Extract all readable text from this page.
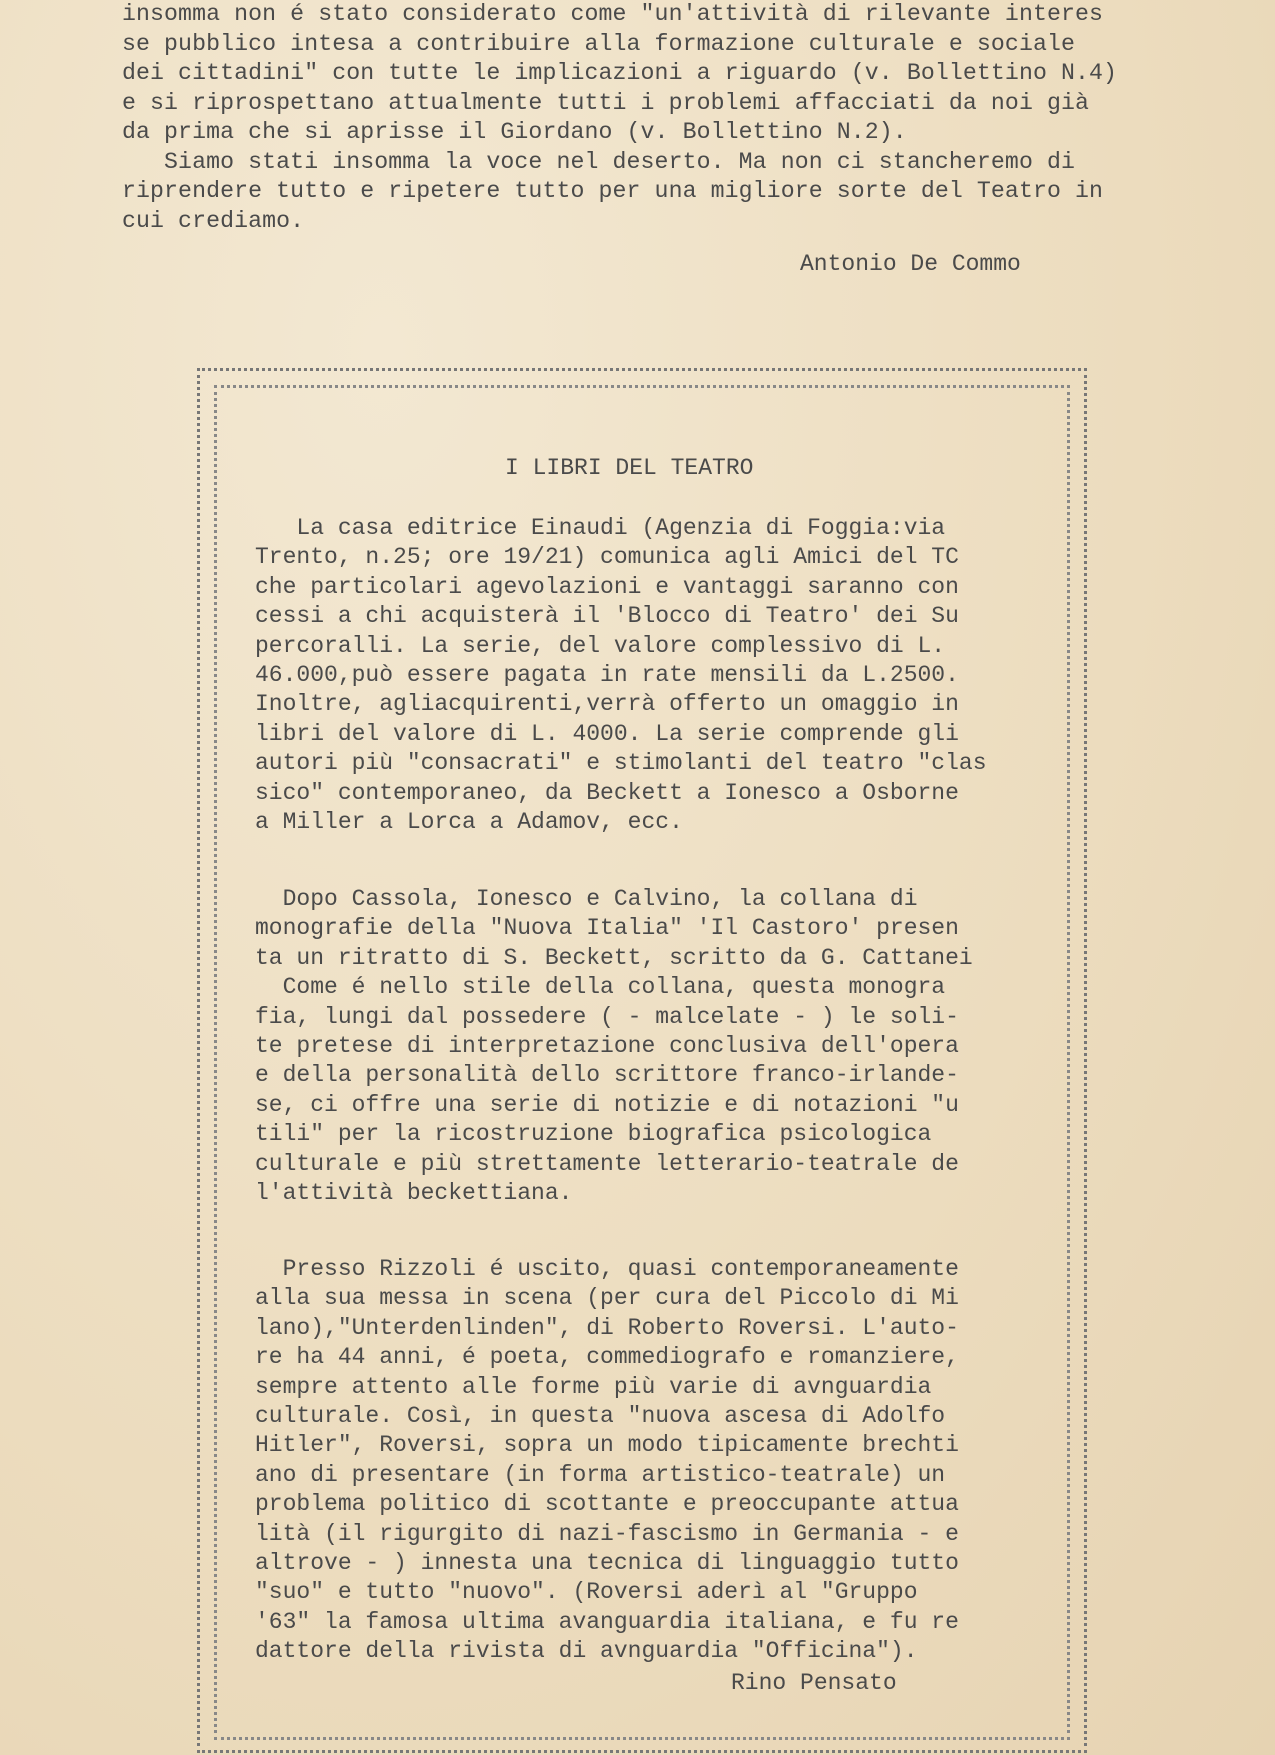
insomma non é stato considerato come "un'attività di rilevante interes
se pubblico intesa a contribuire alla formazione culturale e sociale
dei cittadini" con tutte le implicazioni a riguardo (v. Bollettino N.4)
e si riprospettano attualmente tutti i problemi affacciati da noi già
da prima che si aprisse il Giordano (v. Bollettino N.2).
Siamo stati insomma la voce nel deserto. Ma non ci stancheremo di
riprendere tutto e ripetere tutto per una migliore sorte del Teatro in
cui crediamo.
Antonio De Commo
I LIBRI DEL TEATRO
La casa editrice Einaudi (Agenzia di Foggia:via
Trento, n.25; ore 19/21) comunica agli Amici del TC
che particolari agevolazioni e vantaggi saranno con
cessi a chi acquisterà il 'Blocco di Teatro' dei Su
percoralli. La serie, del valore complessivo di L.
46.000,può essere pagata in rate mensili da L.2500.
Inoltre, agliacquirenti,verrà offerto un omaggio in
libri del valore di L. 4000. La serie comprende gli
autori più "consacrati" e stimolanti del teatro "clas
sico" contemporaneo, da Beckett a Ionesco a Osborne
a Miller a Lorca a Adamov, ecc.
Dopo Cassola, Ionesco e Calvino, la collana di
monografie della "Nuova Italia" 'Il Castoro' presen
ta un ritratto di S. Beckett, scritto da G. Cattanei
Come é nello stile della collana, questa monogra
fia, lungi dal possedere ( - malcelate - ) le soli-
te pretese di interpretazione conclusiva dell'opera
e della personalità dello scrittore franco-irlande-
se, ci offre una serie di notizie e di notazioni "u
tili" per la ricostruzione biografica psicologica
culturale e più strettamente letterario-teatrale de
l'attività beckettiana.
Presso Rizzoli é uscito, quasi contemporaneamente
alla sua messa in scena (per cura del Piccolo di Mi
lano),"Unterdenlinden", di Roberto Roversi. L'auto-
re ha 44 anni, é poeta, commediografo e romanziere,
sempre attento alle forme più varie di avnguardia
culturale. Così, in questa "nuova ascesa di Adolfo
Hitler", Roversi, sopra un modo tipicamente brechti
ano di presentare (in forma artistico-teatrale) un
problema politico di scottante e preoccupante attua
lità (il rigurgito di nazi-fascismo in Germania - e
altrove - ) innesta una tecnica di linguaggio tutto
"suo" e tutto "nuovo". (Roversi aderì al "Gruppo
'63" la famosa ultima avanguardia italiana, e fu re
dattore della rivista di avnguardia "Officina").
Rino Pensato
